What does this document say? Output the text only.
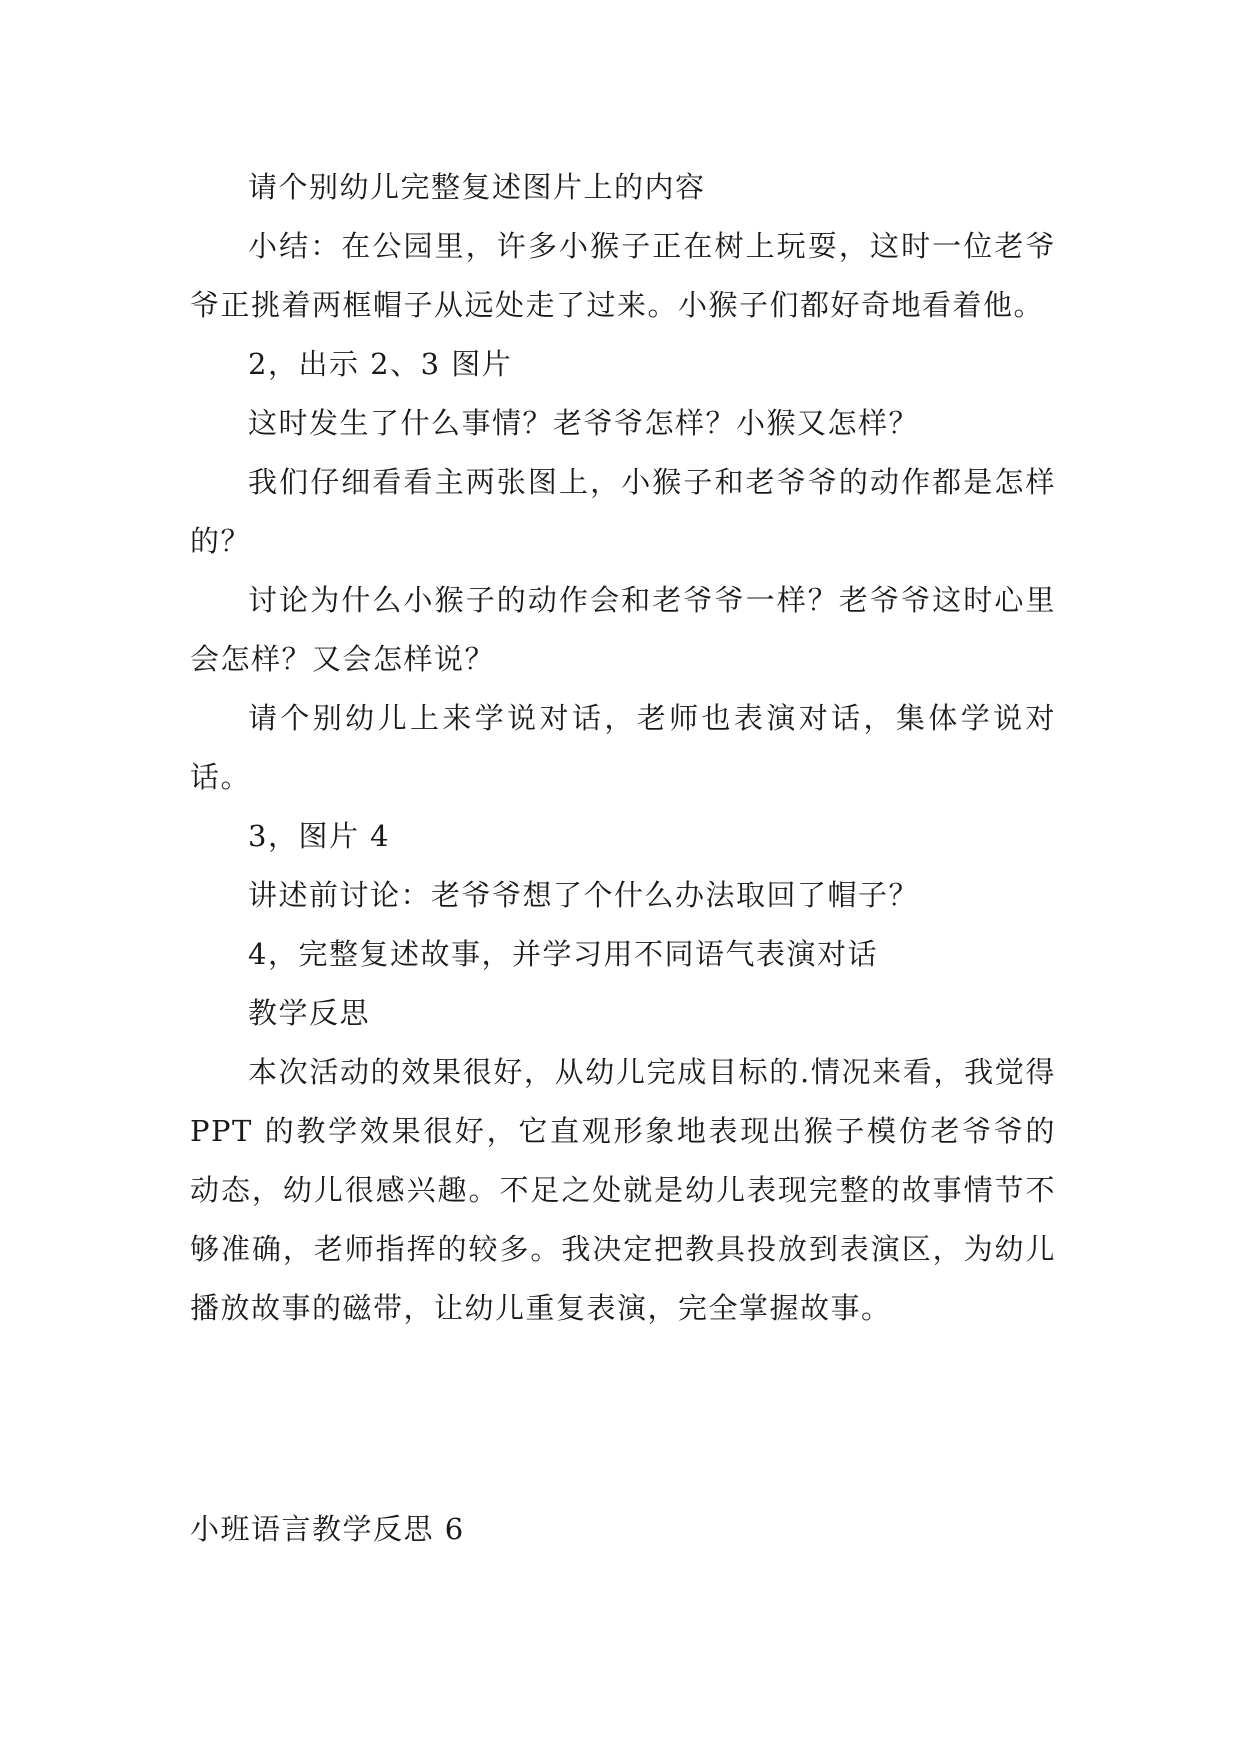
请个别幼儿完整复述图片上的内容

小结：在公园里，许多小猴子正在树上玩耍，这时一位老爷爷正挑着两框帽子从远处走了过来。小猴子们都好奇地看着他。

2，出示 2、3 图片

这时发生了什么事情？老爷爷怎样？小猴又怎样？

我们仔细看看主两张图上，小猴子和老爷爷的动作都是怎样的？

讨论为什么小猴子的动作会和老爷爷一样？老爷爷这时心里会怎样？又会怎样说？

请个别幼儿上来学说对话，老师也表演对话，集体学说对话。

3，图片 4

讲述前讨论：老爷爷想了个什么办法取回了帽子？

4，完整复述故事，并学习用不同语气表演对话

教学反思

本次活动的效果很好，从幼儿完成目标的.情况来看，我觉得 PPT 的教学效果很好，它直观形象地表现出猴子模仿老爷爷的动态，幼儿很感兴趣。不足之处就是幼儿表现完整的故事情节不够准确，老师指挥的较多。我决定把教具投放到表演区，为幼儿播放故事的磁带，让幼儿重复表演，完全掌握故事。

小班语言教学反思 6
